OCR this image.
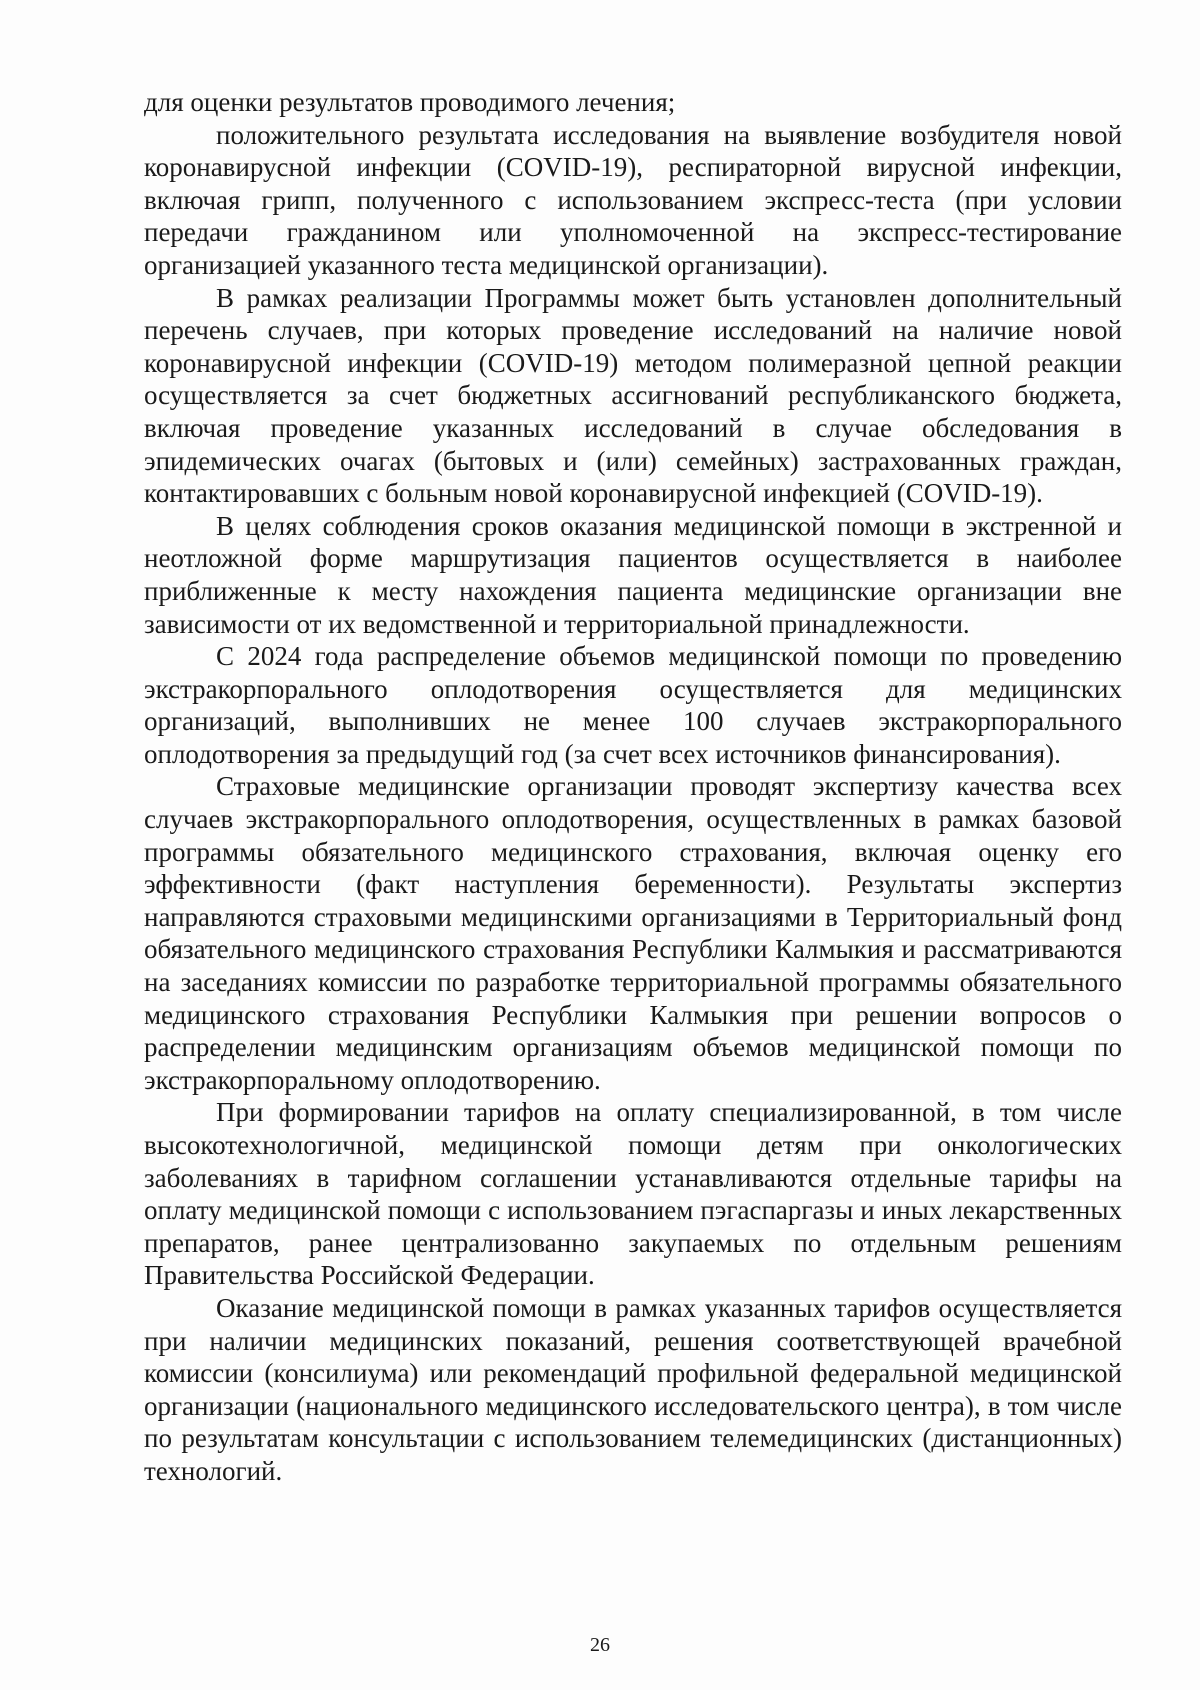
для оценки результатов проводимого лечения;

положительного результата исследования на выявление возбудителя новой коронавирусной инфекции (COVID-19), респираторной вирусной инфекции, включая грипп, полученного с использованием экспресс-теста (при условии передачи гражданином или уполномоченной на экспресс-тестирование организацией указанного теста медицинской организации).

В рамках реализации Программы может быть установлен дополнительный перечень случаев, при которых проведение исследований на наличие новой коронавирусной инфекции (COVID-19) методом полимеразной цепной реакции осуществляется за счет бюджетных ассигнований республиканского бюджета, включая проведение указанных исследований в случае обследования в эпидемических очагах (бытовых и (или) семейных) застрахованных граждан, контактировавших с больным новой коронавирусной инфекцией (COVID-19).

В целях соблюдения сроков оказания медицинской помощи в экстренной и неотложной форме маршрутизация пациентов осуществляется в наиболее приближенные к месту нахождения пациента медицинские организации вне зависимости от их ведомственной и территориальной принадлежности.

С 2024 года распределение объемов медицинской помощи по проведению экстракорпорального оплодотворения осуществляется для медицинских организаций, выполнивших не менее 100 случаев экстракорпорального оплодотворения за предыдущий год (за счет всех источников финансирования).

Страховые медицинские организации проводят экспертизу качества всех случаев экстракорпорального оплодотворения, осуществленных в рамках базовой программы обязательного медицинского страхования, включая оценку его эффективности (факт наступления беременности). Результаты экспертиз направляются страховыми медицинскими организациями в Территориальный фонд обязательного медицинского страхования Республики Калмыкия и рассматриваются на заседаниях комиссии по разработке территориальной программы обязательного медицинского страхования Республики Калмыкия при решении вопросов о распределении медицинским организациям объемов медицинской помощи по экстракорпоральному оплодотворению.

При формировании тарифов на оплату специализированной, в том числе высокотехнологичной, медицинской помощи детям при онкологических заболеваниях в тарифном соглашении устанавливаются отдельные тарифы на оплату медицинской помощи с использованием пэгаспаргазы и иных лекарственных препаратов, ранее централизованно закупаемых по отдельным решениям Правительства Российской Федерации.

Оказание медицинской помощи в рамках указанных тарифов осуществляется при наличии медицинских показаний, решения соответствующей врачебной комиссии (консилиума) или рекомендаций профильной федеральной медицинской организации (национального медицинского исследовательского центра), в том числе по результатам консультации с использованием телемедицинских (дистанционных) технологий.

26
